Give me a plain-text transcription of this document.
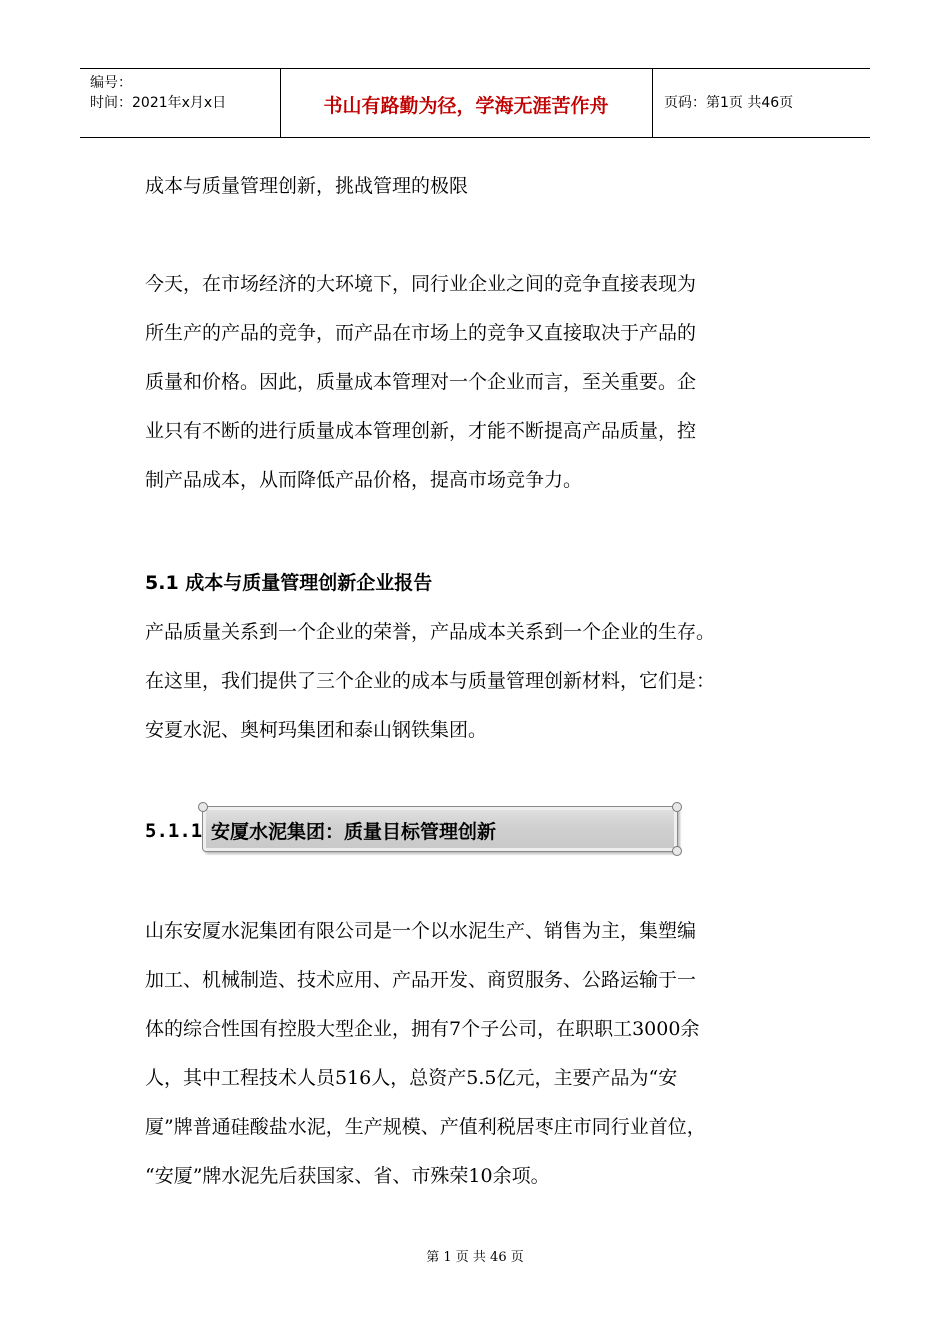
编号：
时间：2021年x月x日	书山有路勤为径，学海无涯苦作舟	页码：第1页 共46页
成本与质量管理创新，挑战管理的极限
今天，在市场经济的大环境下，同行业企业之间的竞争直接表现为
所生产的产品的竞争，而产品在市场上的竞争又直接取决于产品的
质量和价格。因此，质量成本管理对一个企业而言，至关重要。企
业只有不断的进行质量成本管理创新，才能不断提高产品质量，控
制产品成本，从而降低产品价格，提高市场竞争力。
5.1 成本与质量管理创新企业报告
产品质量关系到一个企业的荣誉，产品成本关系到一个企业的生存。
在这里，我们提供了三个企业的成本与质量管理创新材料，它们是：
安夏水泥、奥柯玛集团和泰山钢铁集团。
5.1.1 安厦水泥集团：质量目标管理创新
山东安厦水泥集团有限公司是一个以水泥生产、销售为主，集塑编
加工、机械制造、技术应用、产品开发、商贸服务、公路运输于一
体的综合性国有控股大型企业，拥有7个子公司，在职职工3000余
人，其中工程技术人员516人，总资产5.5亿元，主要产品为“安
厦”牌普通硅酸盐水泥，生产规模、产值利税居枣庄市同行业首位，
“安厦”牌水泥先后获国家、省、市殊荣10余项。
第 1 页 共 46 页
